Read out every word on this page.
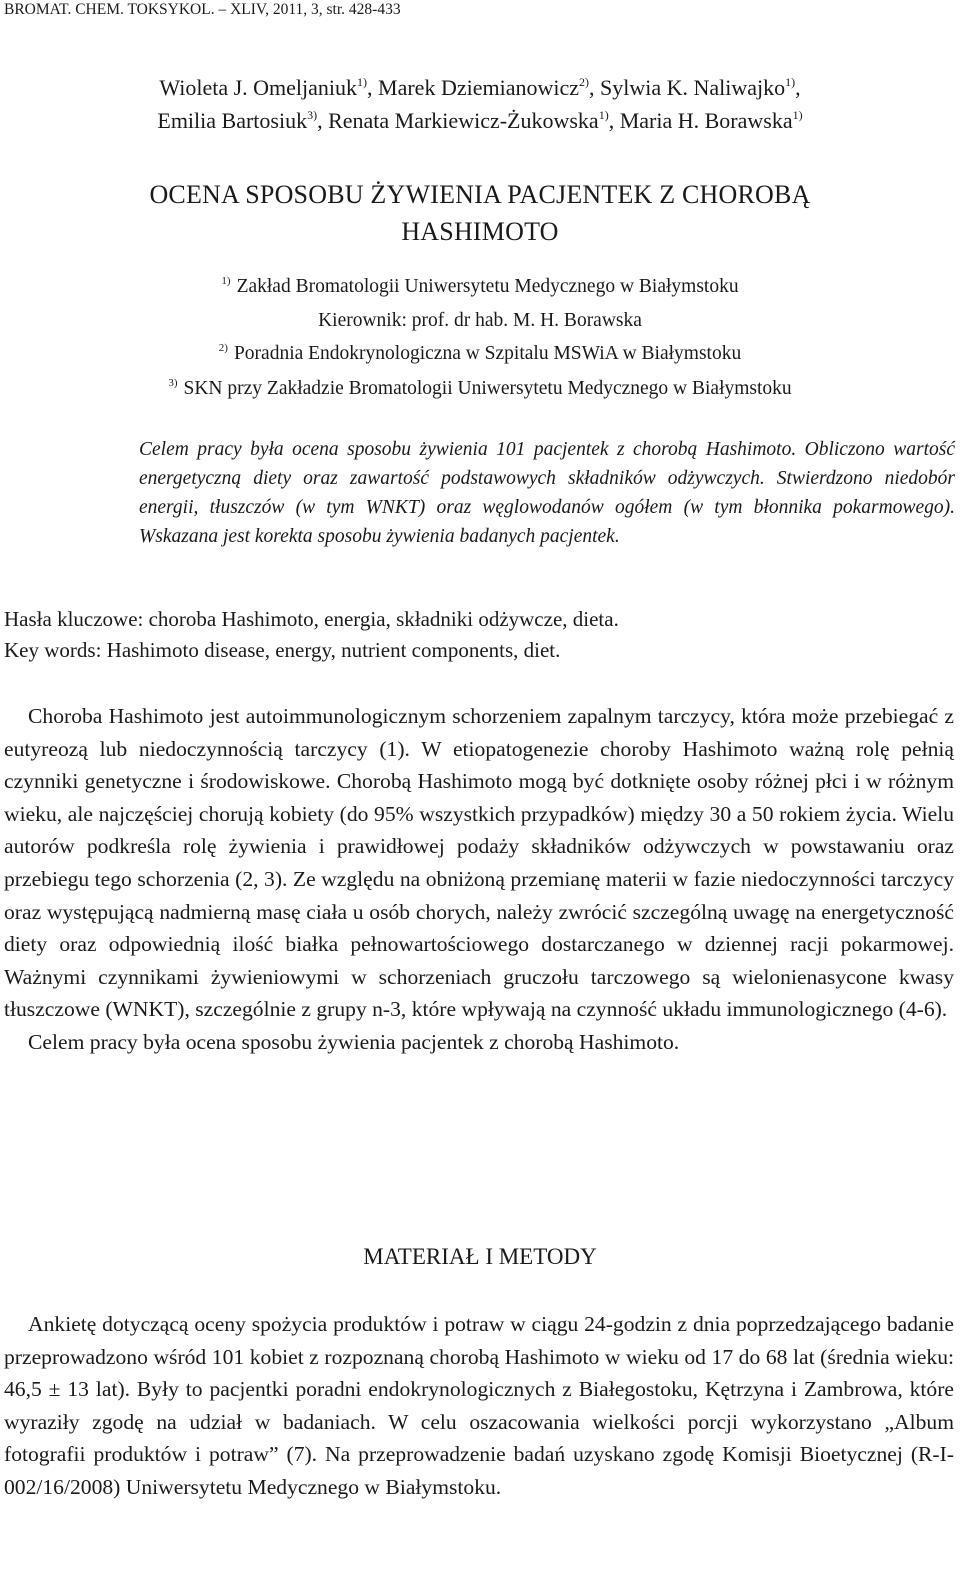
BROMAT. CHEM. TOKSYKOL. – XLIV, 2011, 3, str. 428-433
Wioleta J. Omeljaniuk$^{1)}$, Marek Dziemianowicz$^{2)}$, Sylwia K. Naliwajko$^{1)}$,
Emilia Bartosiuk$^{3)}$, Renata Markiewicz-Żukowska$^{1)}$, Maria H. Borawska$^{1)}$
OCENA SPOSOBU ŻYWIENIA PACJENTEK Z CHOROBĄ
HASHIMOTO
$^{1)}$ Zakład Bromatologii Uniwersytetu Medycznego w Białymstoku
Kierownik: prof. dr hab. M. H. Borawska
$^{2)}$ Poradnia Endokrynologiczna w Szpitalu MSWiA w Białymstoku
$^{3)}$ SKN przy Zakładzie Bromatologii Uniwersytetu Medycznego w Białymstoku
Celem pracy była ocena sposobu żywienia 101 pacjentek z chorobą Hashimoto. Obliczono wartość energetyczną diety oraz zawartość podstawowych składników odżywczych. Stwierdzono niedobór energii, tłuszczów (w tym WNKT) oraz węglowodanów ogółem (w tym błonnika pokarmowego). Wskazana jest korekta sposobu żywienia badanych pacjentek.
Hasła kluczowe: choroba Hashimoto, energia, składniki odżywcze, dieta.
Key words: Hashimoto disease, energy, nutrient components, diet.

Choroba Hashimoto jest autoimmunologicznym schorzeniem zapalnym tarczycy, która może przebiegać z eutyreozą lub niedoczynnością tarczycy (1). W etiopatogenezie choroby Hashimoto ważną rolę pełnią czynniki genetyczne i środowiskowe. Chorobą Hashimoto mogą być dotknięte osoby różnej płci i w różnym wieku, ale najczęściej chorują kobiety (do 95% wszystkich przypadków) między 30 a 50 rokiem życia. Wielu autorów podkreśla rolę żywienia i prawidłowej podaży składników odżywczych w powstawaniu oraz przebiegu tego schorzenia (2, 3). Ze względu na obniżoną przemianę materii w fazie niedoczynności tarczycy oraz występującą nadmierną masę ciała u osób chorych, należy zwrócić szczególną uwagę na energetyczność diety oraz odpowiednią ilość białka pełnowartościowego dostarczanego w dziennej racji pokarmowej. Ważnymi czynnikami żywieniowymi w schorzeniach gruczołu tarczowego są wielonienasycone kwasy tłuszczowe (WNKT), szczególnie z grupy n-3, które wpływają na czynność układu immunologicznego (4-6).

Celem pracy była ocena sposobu żywienia pacjentek z chorobą Hashimoto.

MATERIAŁ I METODY

Ankietę dotyczącą oceny spożycia produktów i potraw w ciągu 24-godzin z dnia poprzedzającego badanie przeprowadzono wśród 101 kobiet z rozpoznaną chorobą Hashimoto w wieku od 17 do 68 lat (średnia wieku: 46,5 ± 13 lat). Były to pacjentki poradni endokrynologicznych z Białegostoku, Kętrzyna i Zambrowa, które wyraziły zgodę na udział w badaniach. W celu oszacowania wielkości porcji wykorzystano „Album fotografii produktów i potraw” (7). Na przeprowadzenie badań uzyskano zgodę Komisji Bioetycznej (R-I-002/16/2008) Uniwersytetu Medycznego w Białymstoku.
